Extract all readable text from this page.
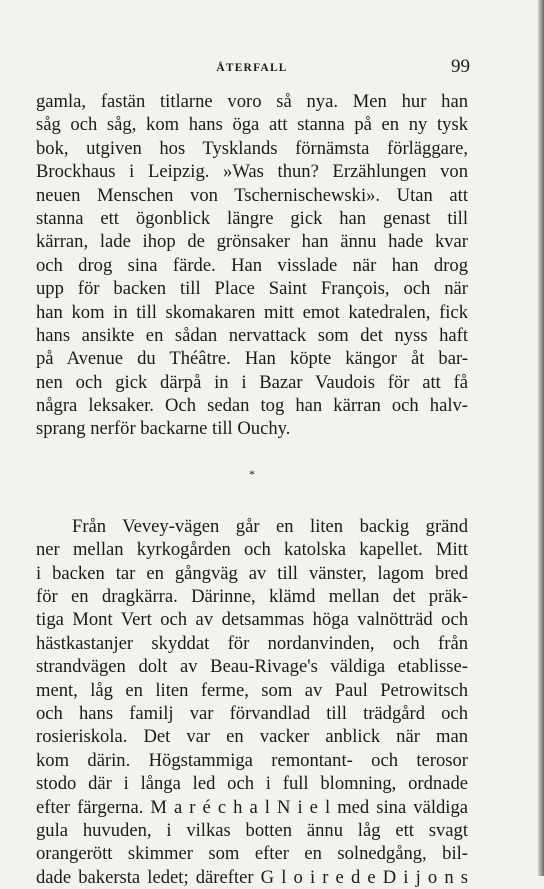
ÅTERFALL	99
gamla, fastän titlarne voro så nya. Men hur han
såg och såg, kom hans öga att stanna på en ny tysk
bok, utgiven hos Tysklands förnämsta förläggare,
Brockhaus i Leipzig. »Was thun? Erzählungen von
neuen Menschen von Tschernischewski». Utan att
stanna ett ögonblick längre gick han genast till
kärran, lade ihop de grönsaker han ännu hade kvar
och drog sina färde. Han visslade när han drog
upp för backen till Place Saint François, och när
han kom in till skomakaren mitt emot katedralen, fick
hans ansikte en sådan nervattack som det nyss haft
på Avenue du Théâtre. Han köpte kängor åt bar-
nen och gick därpå in i Bazar Vaudois för att få
några leksaker. Och sedan tog han kärran och halv-
sprang nerför backarne till Ouchy.
*
Från Vevey-vägen går en liten backig gränd
ner mellan kyrkogården och katolska kapellet. Mitt
i backen tar en gångväg av till vänster, lagom bred
för en dragkärra. Därinne, klämd mellan det präk-
tiga Mont Vert och av detsammas höga valnötträd och
hästkastanjer skyddat för nordanvinden, och från
strandvägen dolt av Beau-Rivage's väldiga etablisse-
ment, låg en liten ferme, som av Paul Petrowitsch
och hans familj var förvandlad till trädgård och
rosieriskola. Det var en vacker anblick när man
kom därin. Högstammiga remontant- och terosor
stodo där i långa led och i full blomning, ordnade
efter färgerna. M a r é c h a l N i e l med sina väldiga
gula huvuden, i vilkas botten ännu låg ett svagt
orangerött skimmer som efter en solnedgång, bil-
dade bakersta ledet; därefter G l o i r e d e D i j o n s
